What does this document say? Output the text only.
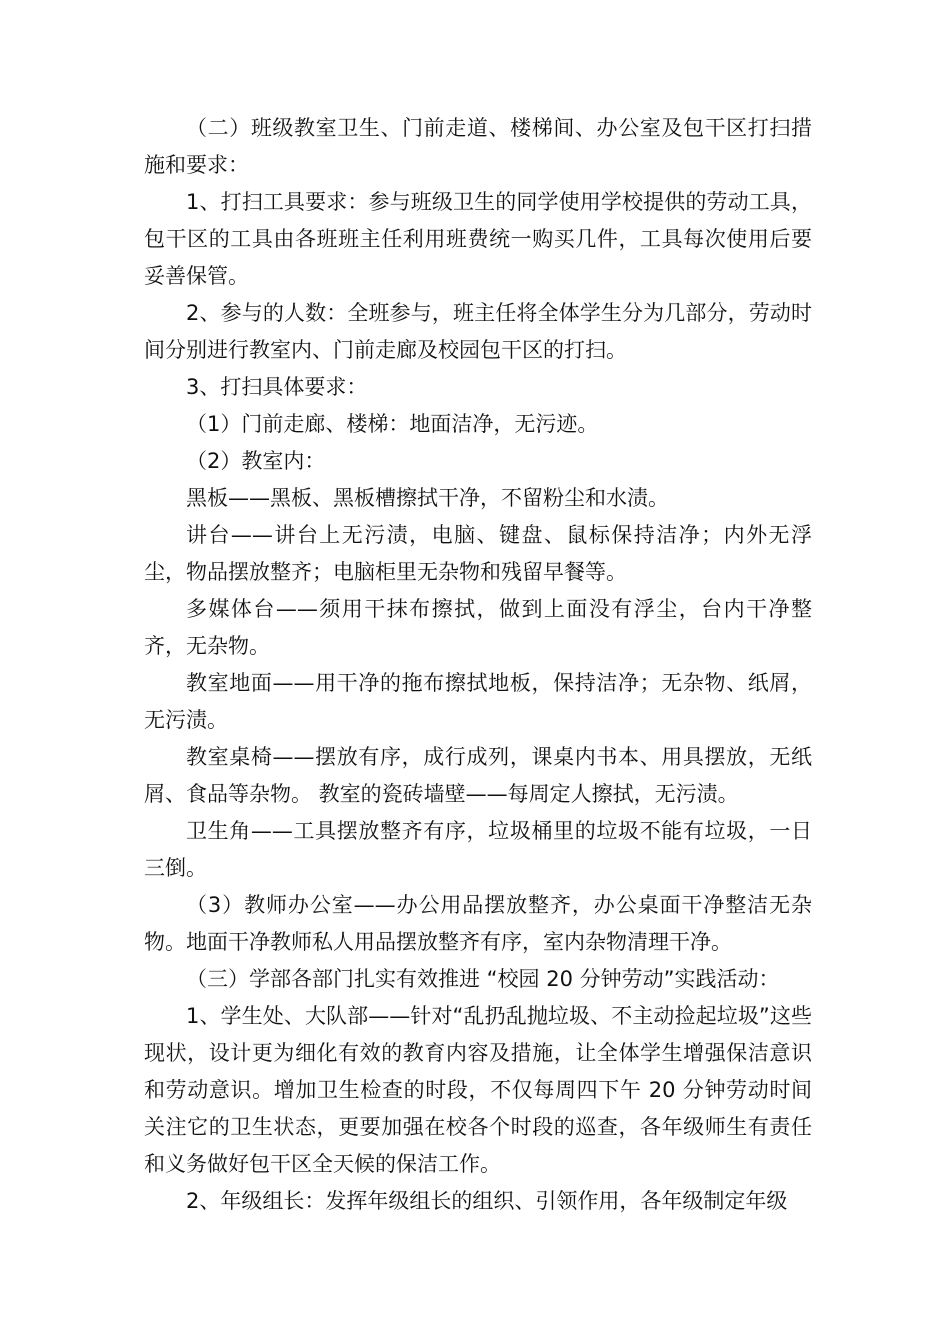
（二）班级教室卫生、门前走道、楼梯间、办公室及包干区打扫措施和要求：

1、打扫工具要求：参与班级卫生的同学使用学校提供的劳动工具，包干区的工具由各班班主任利用班费统一购买几件，工具每次使用后要妥善保管。

2、参与的人数：全班参与，班主任将全体学生分为几部分，劳动时间分别进行教室内、门前走廊及校园包干区的打扫。

3、打扫具体要求：

（1）门前走廊、楼梯：地面洁净，无污迹。

（2）教室内：

黑板——黑板、黑板槽擦拭干净，不留粉尘和水渍。

讲台——讲台上无污渍，电脑、键盘、鼠标保持洁净；内外无浮尘，物品摆放整齐；电脑柜里无杂物和残留早餐等。

多媒体台——须用干抹布擦拭，做到上面没有浮尘，台内干净整齐，无杂物。

教室地面——用干净的拖布擦拭地板，保持洁净；无杂物、纸屑，无污渍。

教室桌椅——摆放有序，成行成列，课桌内书本、用具摆放，无纸屑、食品等杂物。 教室的瓷砖墙壁——每周定人擦拭，无污渍。

卫生角——工具摆放整齐有序，垃圾桶里的垃圾不能有垃圾，一日三倒。

（3）教师办公室——办公用品摆放整齐，办公桌面干净整洁无杂物。地面干净教师私人用品摆放整齐有序，室内杂物清理干净。

（三）学部各部门扎实有效推进 “校园 20 分钟劳动”实践活动：

1、学生处、大队部——针对“乱扔乱抛垃圾、不主动捡起垃圾”这些现状，设计更为细化有效的教育内容及措施，让全体学生增强保洁意识和劳动意识。增加卫生检查的时段，不仅每周四下午 20 分钟劳动时间关注它的卫生状态，更要加强在校各个时段的巡查，各年级师生有责任和义务做好包干区全天候的保洁工作。

2、年级组长：发挥年级组长的组织、引领作用，各年级制定年级
